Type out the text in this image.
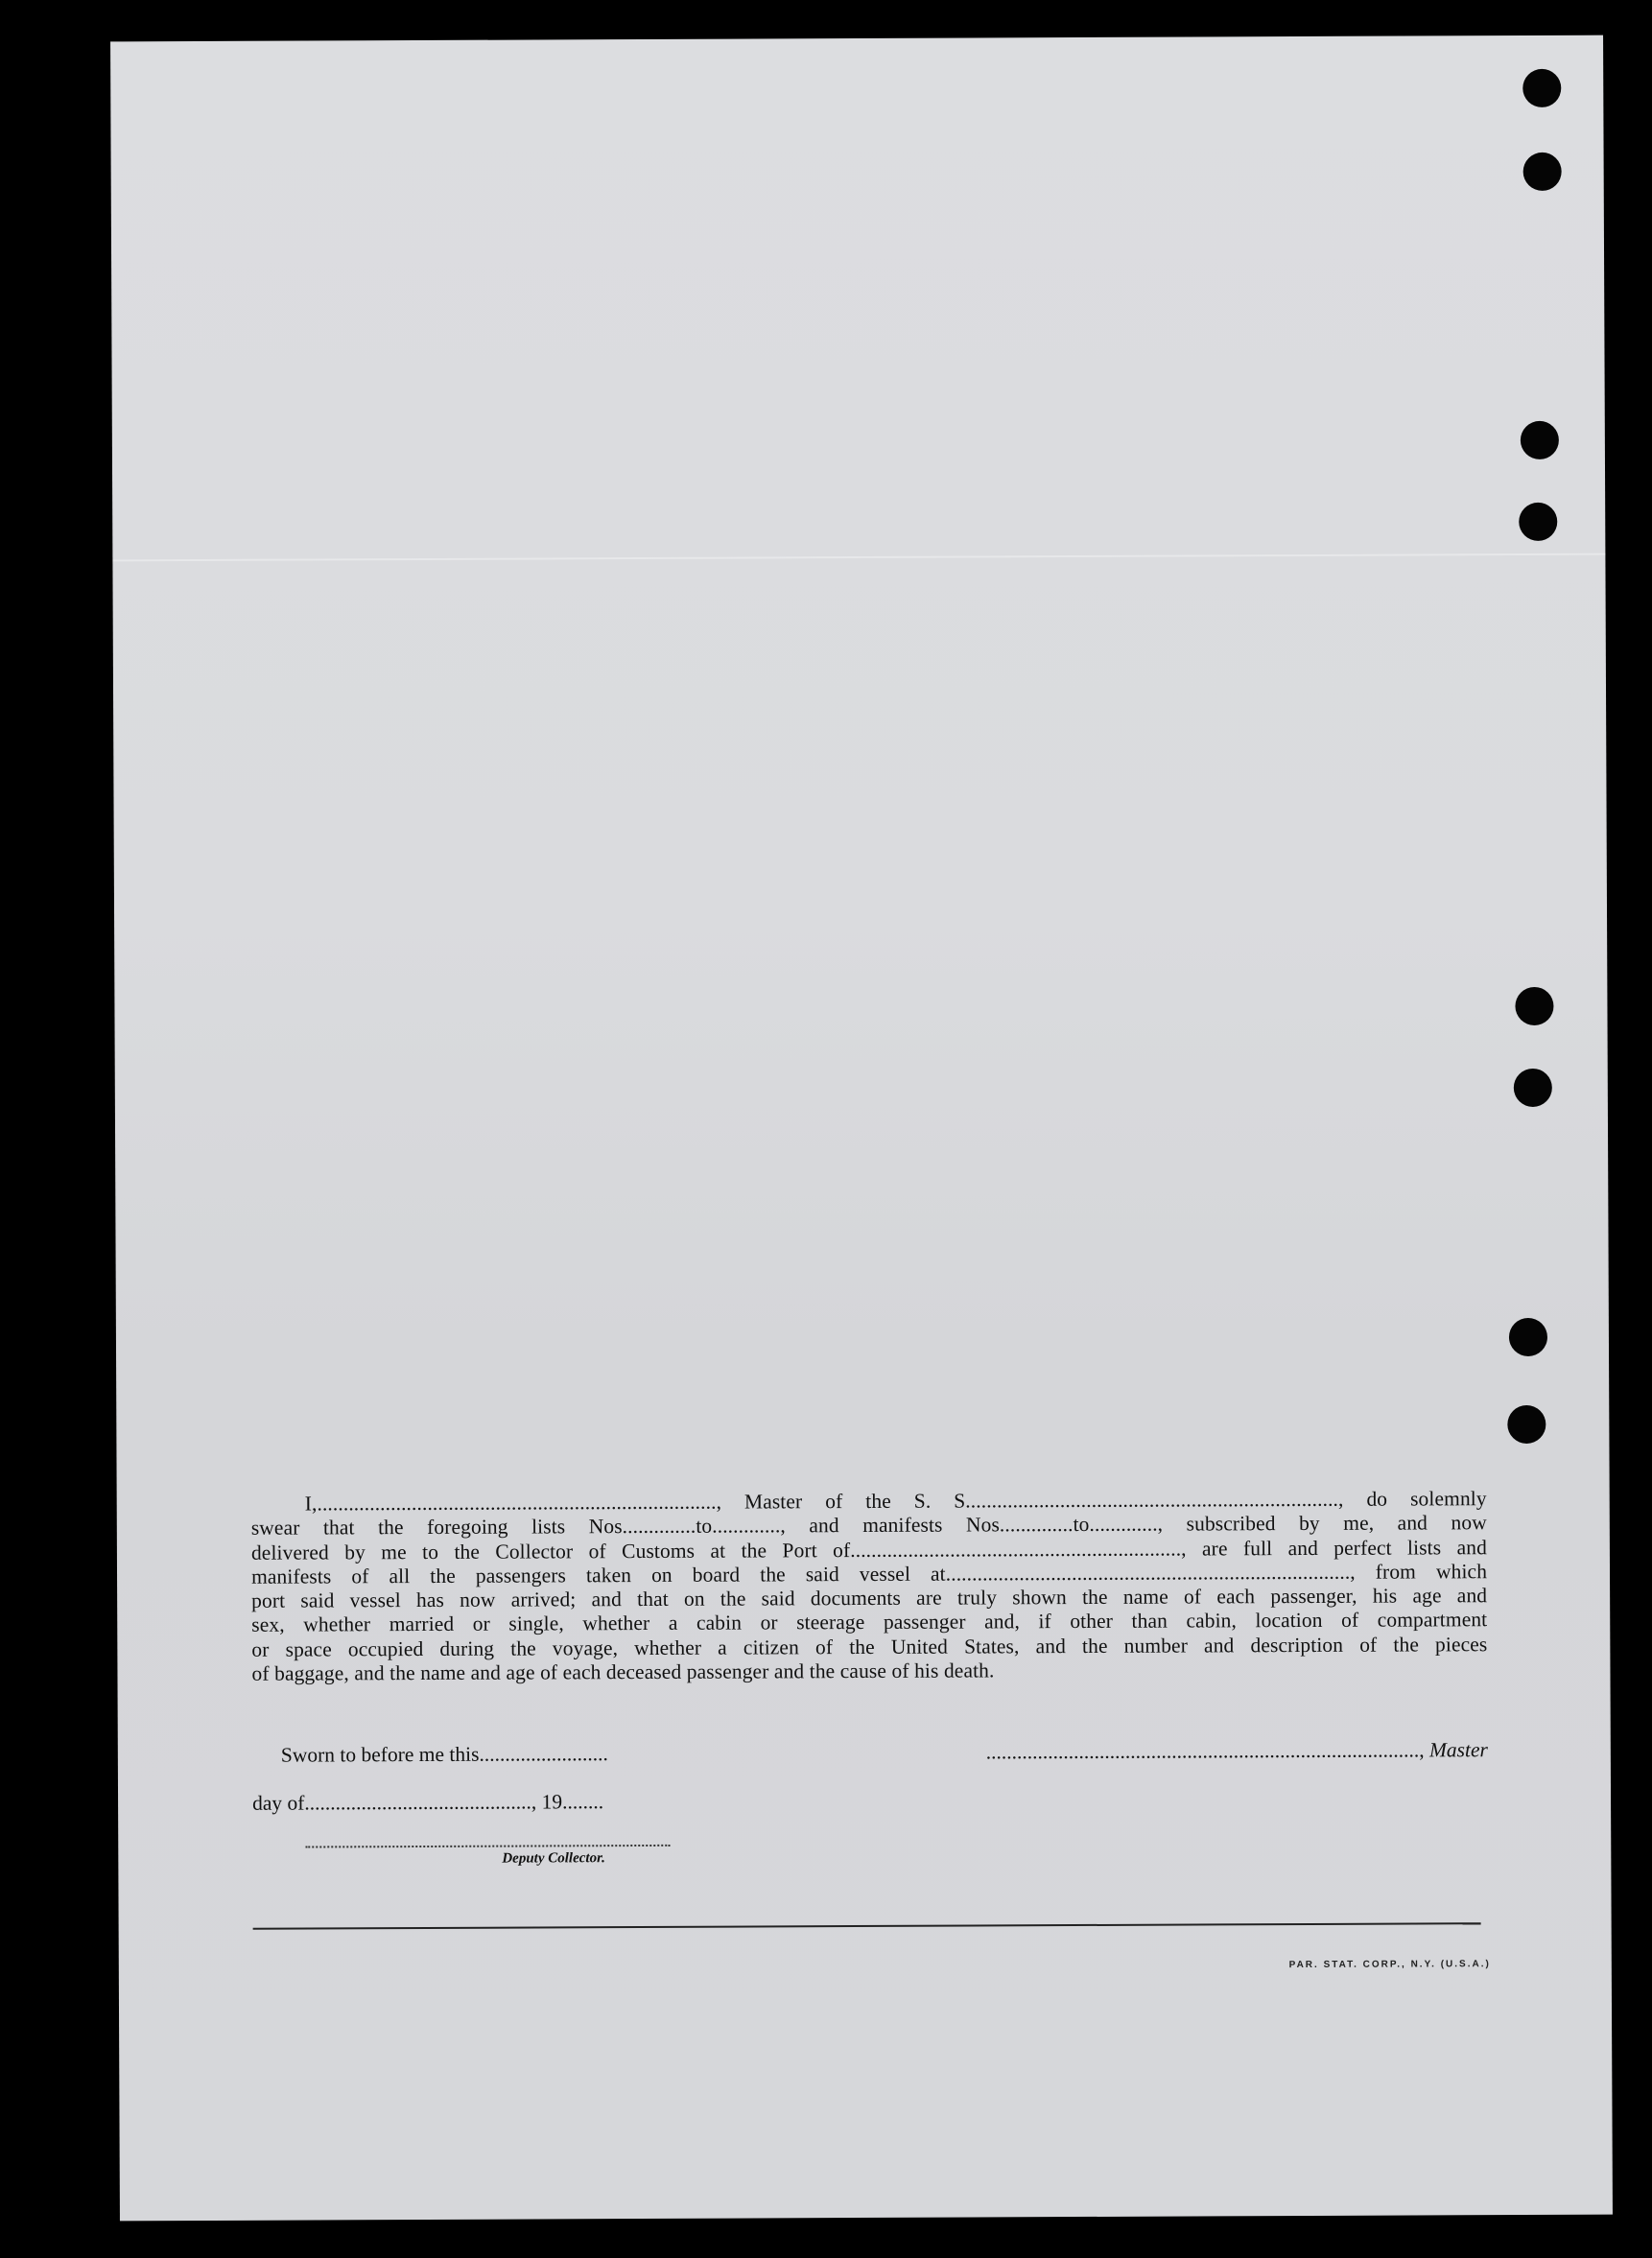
I,............................................................................, Master of the S. S......................................................................., do solemnly
swear that the foregoing lists Nos..............to............., and manifests Nos..............to............., subscribed by me, and now
delivered by me to the Collector of Customs at the Port of..............................................................., are full and perfect lists and
manifests of all the passengers taken on board the said vessel at............................................................................., from which
port said vessel has now arrived; and that on the said documents are truly shown the name of each passenger, his age and
sex, whether married or single, whether a cabin or steerage passenger and, if other than cabin, location of compartment
or space occupied during the voyage, whether a citizen of the United States, and the number and description of the pieces
of baggage, and the name and age of each deceased passenger and the cause of his death.
Sworn to before me this.........................	...................................................................................., Master
day of............................................, 19........
Deputy Collector.
PAR. STAT. CORP., N.Y. (U.S.A.)
